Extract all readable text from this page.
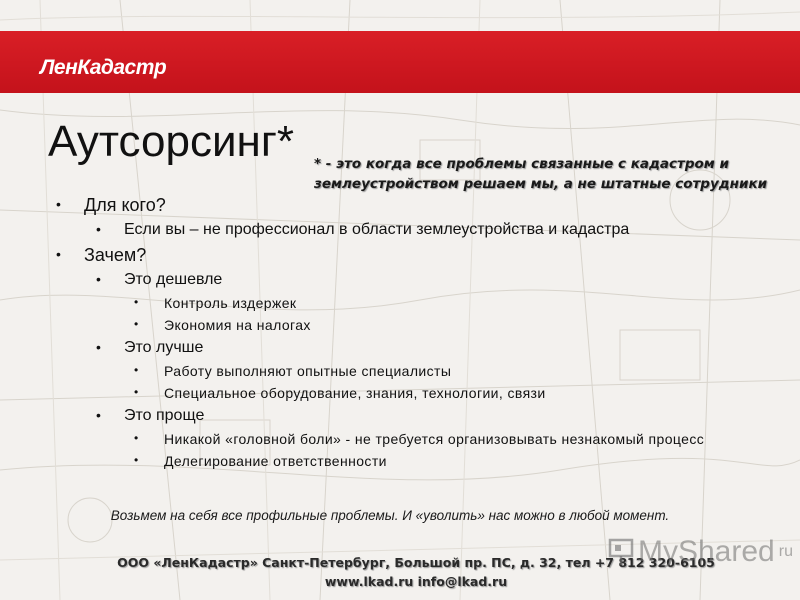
ЛенКадастр
Аутсорсинг* * - это когда все проблемы связанные с кадастром и землеустройством решаем мы, а не штатные сотрудники
• Для кого?
• Если вы – не профессионал в области землеустройства и кадастра
• Зачем?
• Это дешевле
• Контроль издержек
• Экономия на налогах
• Это лучше
• Работу выполняют опытные специалисты
• Специальное оборудование, знания, технологии, связи
• Это проще
• Никакой «головной боли» - не требуется организовывать незнакомый процесс
• Делегирование ответственности
Возьмем на себя все профильные проблемы. И «уволить» нас можно в любой момент.
ООО «ЛенКадастр» Санкт-Петербург, Большой пр. ПС, д. 32, тел +7 812 320-6105
www.lkad.ru info@lkad.ru
MyShared ru
